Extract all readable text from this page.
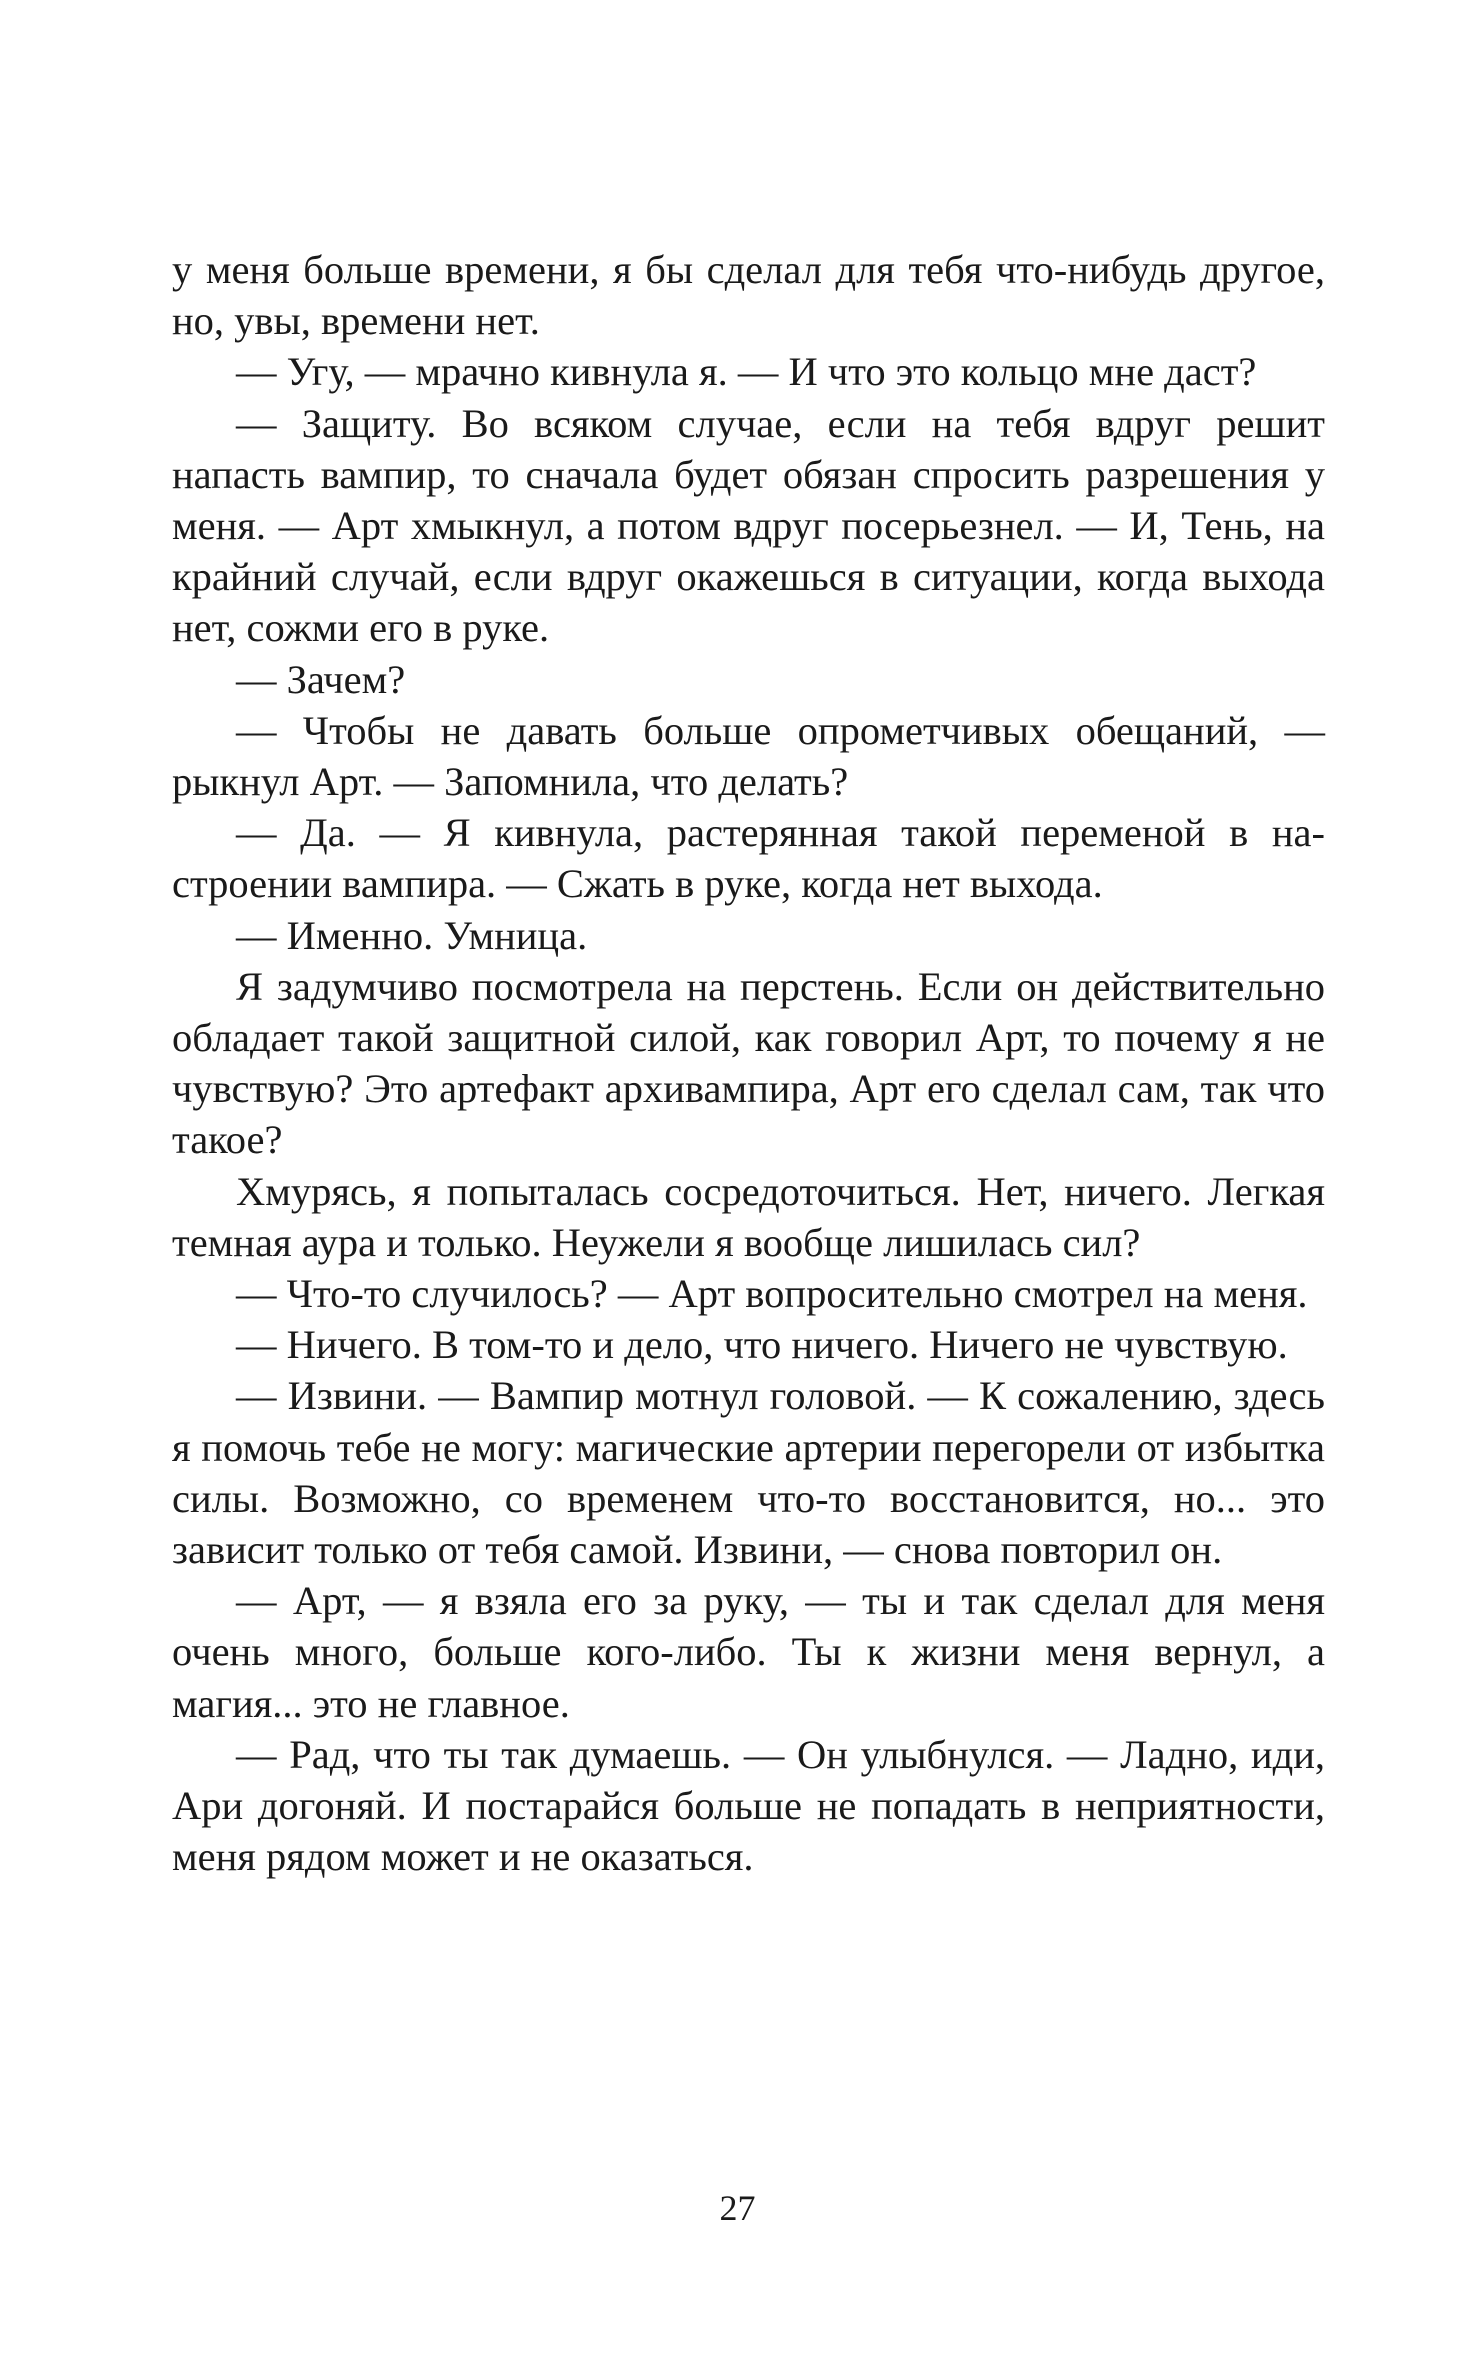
у меня больше времени, я бы сделал для тебя что-нибудь другое, но, увы, времени нет.

— Угу, — мрачно кивнула я. — И что это кольцо мне даст?

— Защиту. Во всяком случае, если на тебя вдруг решит напасть вампир, то сначала будет обязан спросить разрешения у меня. — Арт хмыкнул, а потом вдруг посерьезнел. — И, Тень, на крайний случай, если вдруг окажешься в ситуации, когда выхода нет, сожми его в руке.

— Зачем?

— Чтобы не давать больше опрометчивых обещаний, — рыкнул Арт. — Запомнила, что делать?

— Да. — Я кивнула, растерянная такой переменой в настроении вампира. — Сжать в руке, когда нет выхода.

— Именно. Умница.

Я задумчиво посмотрела на перстень. Если он действительно обладает такой защитной силой, как говорил Арт, то почему я не чувствую? Это артефакт архивампира, Арт его сделал сам, так что такое?

Хмурясь, я попыталась сосредоточиться. Нет, ничего. Легкая темная аура и только. Неужели я вообще лишилась сил?

— Что-то случилось? — Арт вопросительно смотрел на меня.

— Ничего. В том-то и дело, что ничего. Ничего не чувствую.

— Извини. — Вампир мотнул головой. — К сожалению, здесь я помочь тебе не могу: магические артерии перегорели от избытка силы. Возможно, со временем что-то восстановится, но... это зависит только от тебя самой. Извини, — снова повторил он.

— Арт, — я взяла его за руку, — ты и так сделал для меня очень много, больше кого-либо. Ты к жизни меня вернул, а магия... это не главное.

— Рад, что ты так думаешь. — Он улыбнулся. — Ладно, иди, Ари догоняй. И постарайся больше не попадать в неприятности, меня рядом может и не оказаться.

27
